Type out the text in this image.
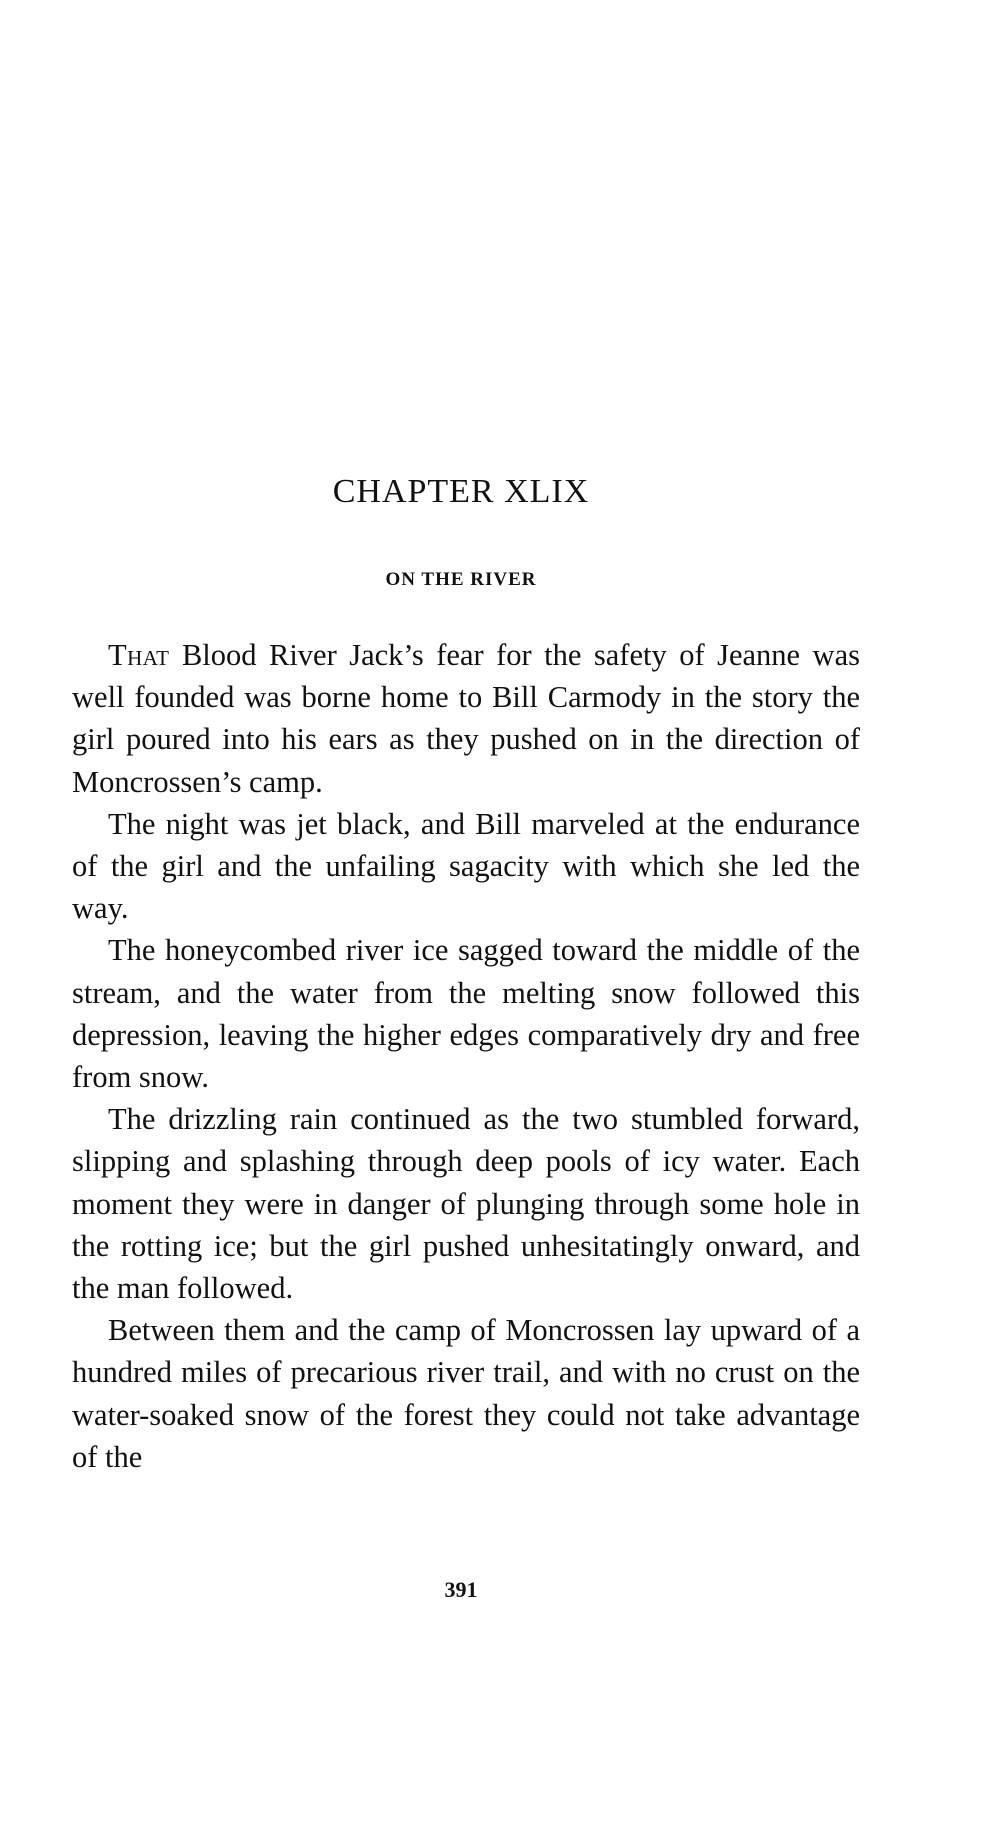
CHAPTER XLIX
ON THE RIVER

That Blood River Jack’s fear for the safety of Jeanne was well founded was borne home to Bill Carmody in the story the girl poured into his ears as they pushed on in the direction of Moncrossen’s camp.

The night was jet black, and Bill marveled at the endurance of the girl and the unfailing sagacity with which she led the way.

The honeycombed river ice sagged toward the middle of the stream, and the water from the melting snow followed this depression, leaving the higher edges comparatively dry and free from snow.

The drizzling rain continued as the two stumbled forward, slipping and splashing through deep pools of icy water. Each moment they were in danger of plunging through some hole in the rotting ice; but the girl pushed unhesitatingly onward, and the man followed.

Between them and the camp of Moncrossen lay upward of a hundred miles of precarious river trail, and with no crust on the water-soaked snow of the forest they could not take advantage of the

391
